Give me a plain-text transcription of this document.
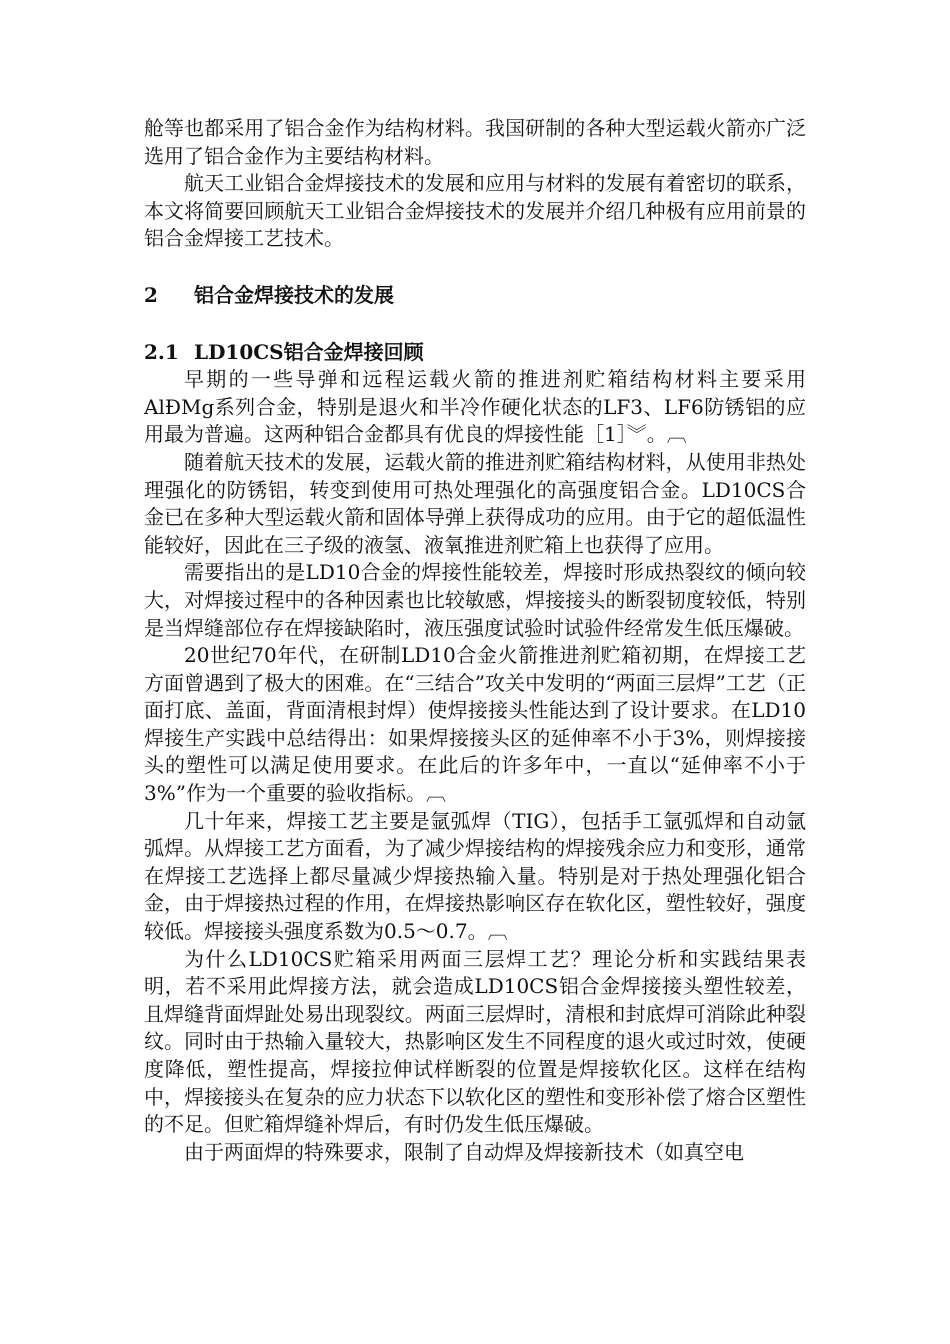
舱等也都采用了铝合金作为结构材料。我国研制的各种大型运载火箭亦广泛选用了铝合金作为主要结构材料。

航天工业铝合金焊接技术的发展和应用与材料的发展有着密切的联系，本文将简要回顾航天工业铝合金焊接技术的发展并介绍几种极有应用前景的铝合金焊接工艺技术。

2 铝合金焊接技术的发展
2.1 LD10CS铝合金焊接回顾

早期的一些导弹和远程运载火箭的推进剂贮箱结构材料主要采用AlÐMg系列合金，特别是退火和半冷作硬化状态的LF3、LF6防锈铝的应用最为普遍。这两种铝合金都具有优良的焊接性能［1］︾。︹

随着航天技术的发展，运载火箭的推进剂贮箱结构材料，从使用非热处理强化的防锈铝，转变到使用可热处理强化的高强度铝合金。LD10CS合金已在多种大型运载火箭和固体导弹上获得成功的应用。由于它的超低温性能较好，因此在三子级的液氢、液氧推进剂贮箱上也获得了应用。

需要指出的是LD10合金的焊接性能较差，焊接时形成热裂纹的倾向较大，对焊接过程中的各种因素也比较敏感，焊接接头的断裂韧度较低，特别是当焊缝部位存在焊接缺陷时，液压强度试验时试验件经常发生低压爆破。

20世纪70年代，在研制LD10合金火箭推进剂贮箱初期，在焊接工艺方面曾遇到了极大的困难。在“三结合”攻关中发明的“两面三层焊”工艺（正面打底、盖面，背面清根封焊）使焊接接头性能达到了设计要求。在LD10焊接生产实践中总结得出：如果焊接接头区的延伸率不小于3%，则焊接接头的塑性可以满足使用要求。在此后的许多年中，一直以“延伸率不小于3%”作为一个重要的验收指标。︹

几十年来，焊接工艺主要是氩弧焊（TIG），包括手工氩弧焊和自动氩弧焊。从焊接工艺方面看，为了减少焊接结构的焊接残余应力和变形，通常在焊接工艺选择上都尽量减少焊接热输入量。特别是对于热处理强化铝合金，由于焊接热过程的作用，在焊接热影响区存在软化区，塑性较好，强度较低。焊接接头强度系数为0.5～0.7。︹

为什么LD10CS贮箱采用两面三层焊工艺？理论分析和实践结果表明，若不采用此焊接方法，就会造成LD10CS铝合金焊接接头塑性较差，且焊缝背面焊趾处易出现裂纹。两面三层焊时，清根和封底焊可消除此种裂纹。同时由于热输入量较大，热影响区发生不同程度的退火或过时效，使硬度降低，塑性提高，焊接拉伸试样断裂的位置是焊接软化区。这样在结构中，焊接接头在复杂的应力状态下以软化区的塑性和变形补偿了熔合区塑性的不足。但贮箱焊缝补焊后，有时仍发生低压爆破。

由于两面焊的特殊要求，限制了自动焊及焊接新技术（如真空电
